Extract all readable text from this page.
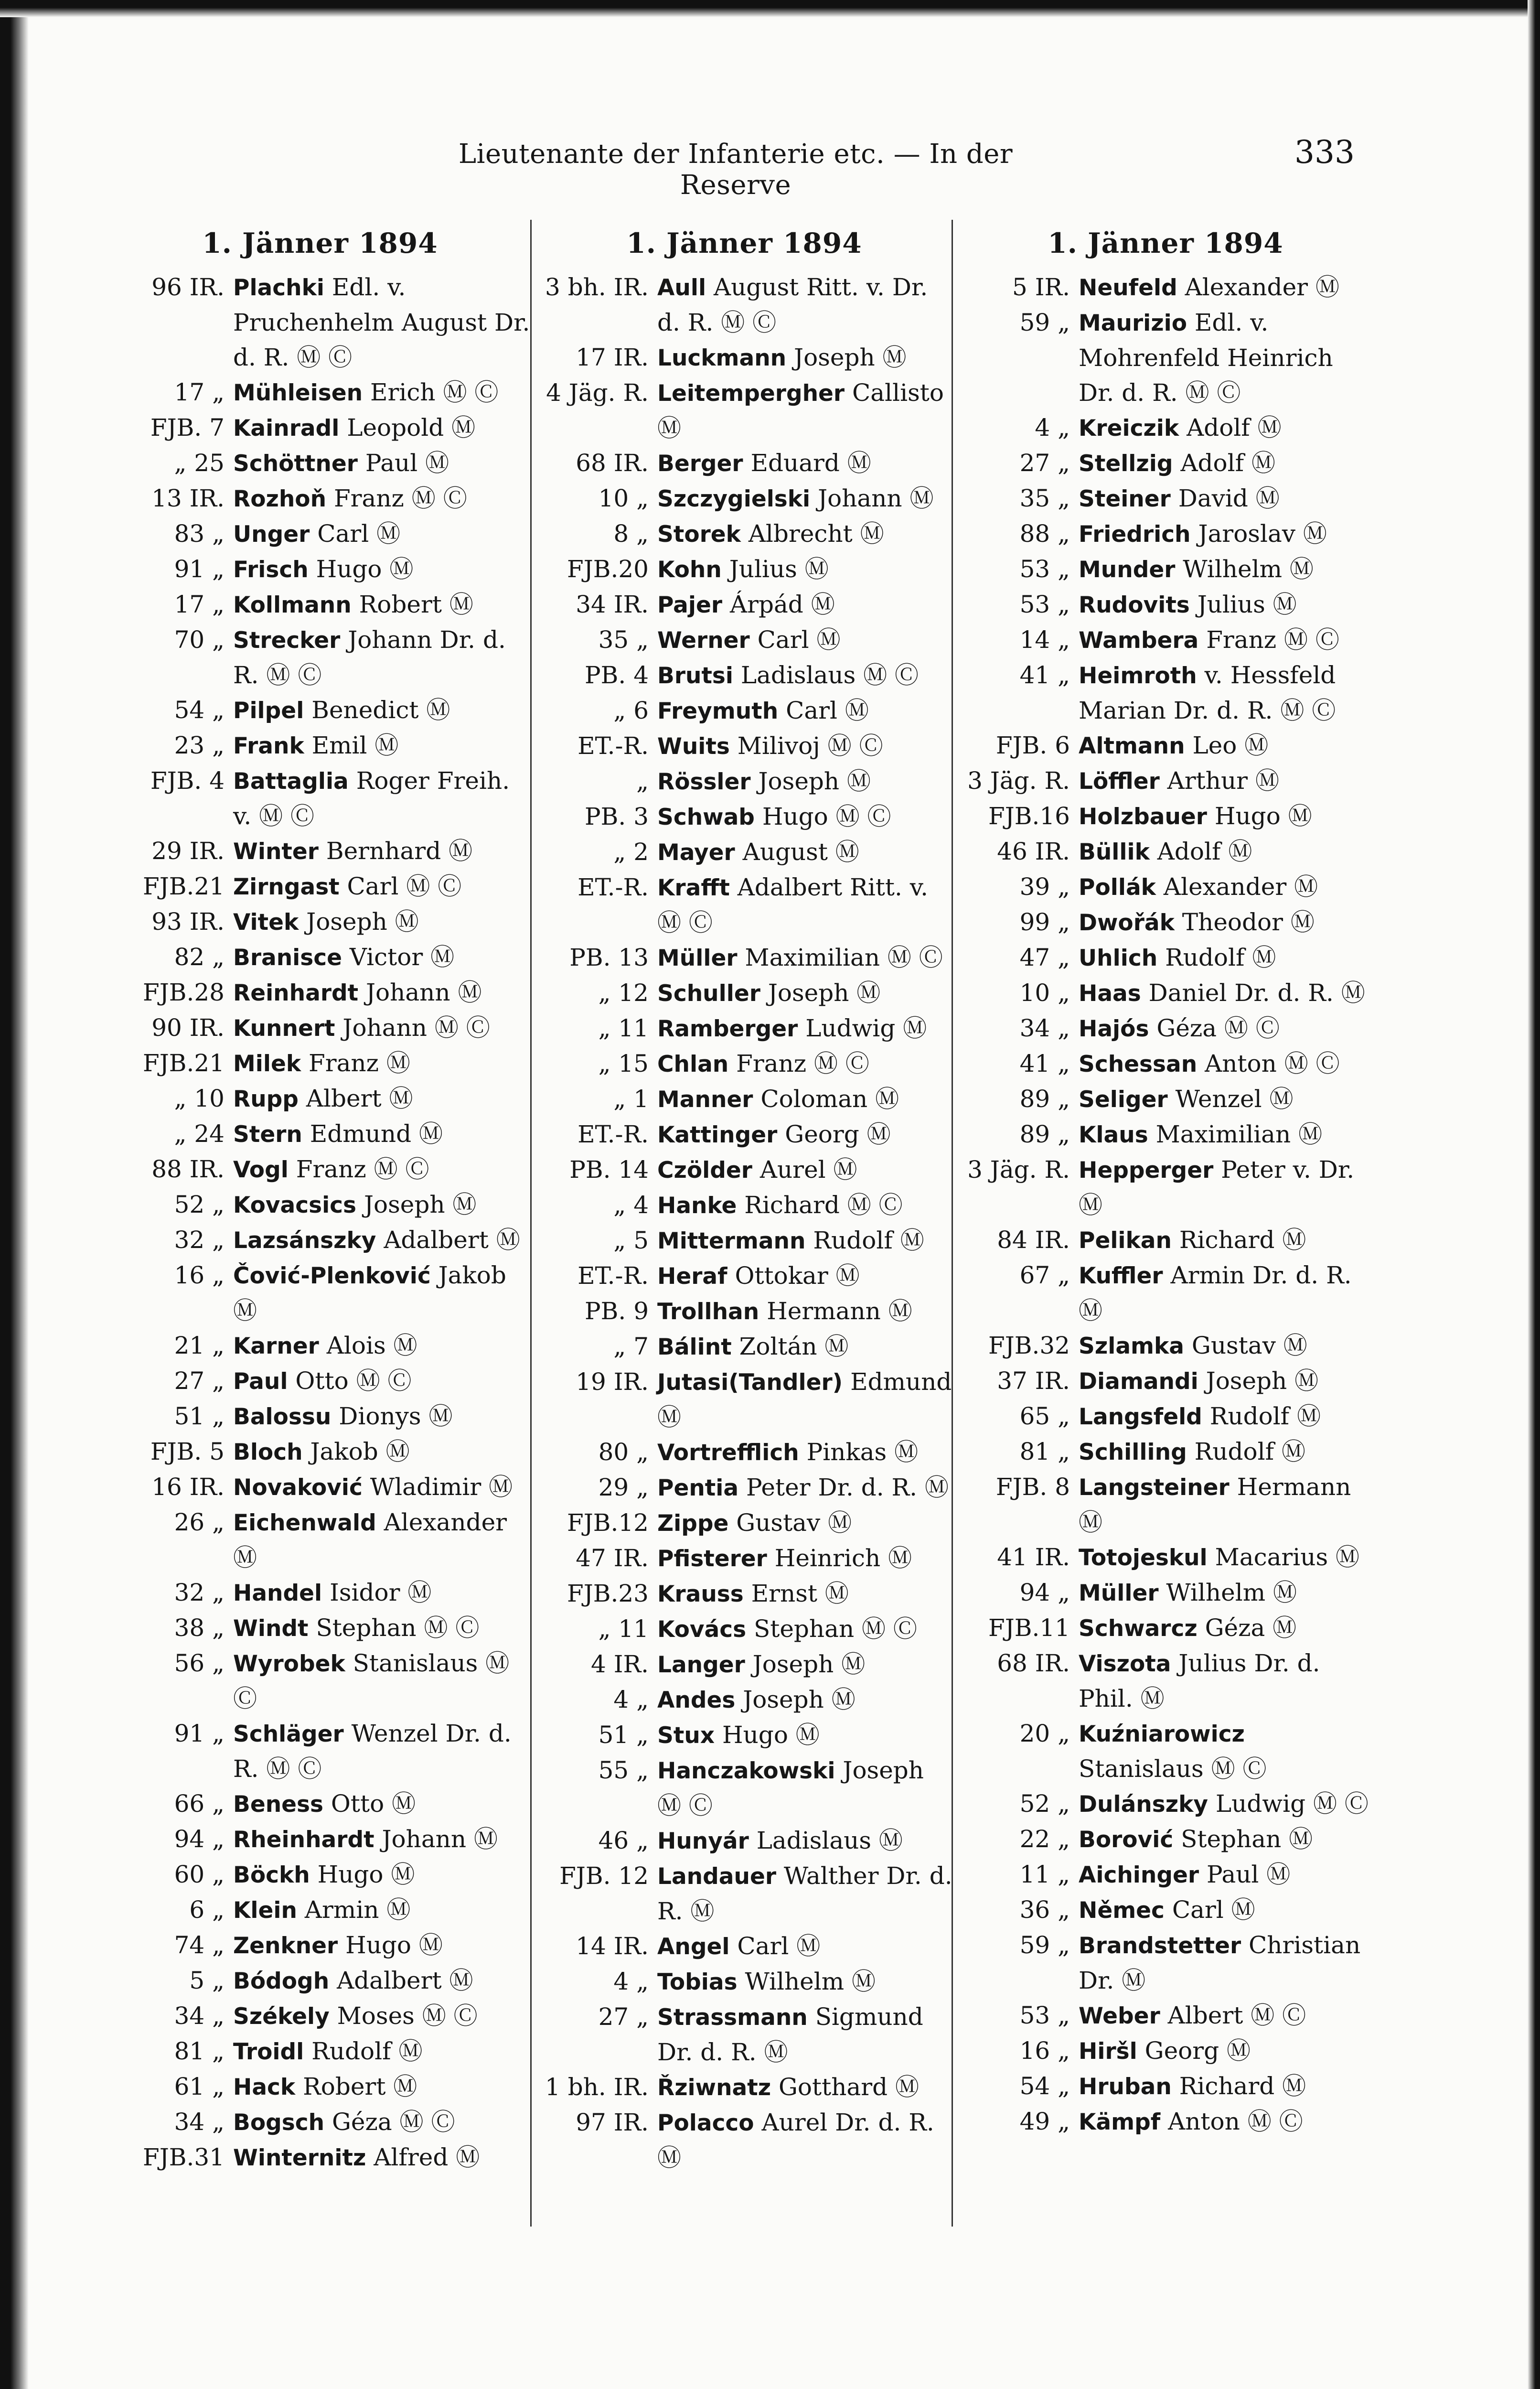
Lieutenante der Infanterie etc. — In der Reserve
333
1. Jänner 1894
96 IR. Plachki Edl. v. Pruchenhelm August Dr. d. R. Ⓜ Ⓒ
17 „ Mühleisen Erich Ⓜ Ⓒ
FJB. 7 Kainradl Leopold Ⓜ
„ 25 Schöttner Paul Ⓜ
13 IR. Rozhoň Franz Ⓜ Ⓒ
83 „ Unger Carl Ⓜ
91 „ Frisch Hugo Ⓜ
17 „ Kollmann Robert Ⓜ
70 „ Strecker Johann Dr. d. R. Ⓜ Ⓒ
54 „ Pilpel Benedict Ⓜ
23 „ Frank Emil Ⓜ
FJB. 4 Battaglia Roger Freih. v. Ⓜ Ⓒ
29 IR. Winter Bernhard Ⓜ
FJB.21 Zirngast Carl Ⓜ Ⓒ
93 IR. Vitek Joseph Ⓜ
82 „ Branisce Victor Ⓜ
FJB.28 Reinhardt Johann Ⓜ
90 IR. Kunnert Johann Ⓜ Ⓒ
FJB.21 Milek Franz Ⓜ
„ 10 Rupp Albert Ⓜ
„ 24 Stern Edmund Ⓜ
88 IR. Vogl Franz Ⓜ Ⓒ
52 „ Kovacsics Joseph Ⓜ
32 „ Lazsánszky Adalbert Ⓜ
16 „ Čović-Plenković Jakob Ⓜ
21 „ Karner Alois Ⓜ
27 „ Paul Otto Ⓜ Ⓒ
51 „ Balossu Dionys Ⓜ
FJB. 5 Bloch Jakob Ⓜ
16 IR. Novaković Wladimir Ⓜ
26 „ Eichenwald Alexander Ⓜ
32 „ Handel Isidor Ⓜ
38 „ Windt Stephan Ⓜ Ⓒ
56 „ Wyrobek Stanislaus Ⓜ Ⓒ
91 „ Schläger Wenzel Dr. d. R. Ⓜ Ⓒ
66 „ Beness Otto Ⓜ
94 „ Rheinhardt Johann Ⓜ
60 „ Böckh Hugo Ⓜ
6 „ Klein Armin Ⓜ
74 „ Zenkner Hugo Ⓜ
5 „ Bódogh Adalbert Ⓜ
34 „ Székely Moses Ⓜ Ⓒ
81 „ Troidl Rudolf Ⓜ
61 „ Hack Robert Ⓜ
34 „ Bogsch Géza Ⓜ Ⓒ
FJB.31 Winternitz Alfred Ⓜ
1. Jänner 1894
3 bh. IR. Aull August Ritt. v. Dr. d. R. Ⓜ Ⓒ
17 IR. Luckmann Joseph Ⓜ
4 Jäg. R. Leitempergher Callisto Ⓜ
68 IR. Berger Eduard Ⓜ
10 „ Szczygielski Johann Ⓜ
8 „ Storek Albrecht Ⓜ
FJB.20 Kohn Julius Ⓜ
34 IR. Pajer Árpád Ⓜ
35 „ Werner Carl Ⓜ
PB. 4 Brutsi Ladislaus Ⓜ Ⓒ
„ 6 Freymuth Carl Ⓜ
ET.-R. Wuits Milivoj Ⓜ Ⓒ
„ Rössler Joseph Ⓜ
PB. 3 Schwab Hugo Ⓜ Ⓒ
„ 2 Mayer August Ⓜ
ET.-R. Krafft Adalbert Ritt. v. Ⓜ Ⓒ
PB. 13 Müller Maximilian Ⓜ Ⓒ
„ 12 Schuller Joseph Ⓜ
„ 11 Ramberger Ludwig Ⓜ
„ 15 Chlan Franz Ⓜ Ⓒ
„ 1 Manner Coloman Ⓜ
ET.-R. Kattinger Georg Ⓜ
PB. 14 Czölder Aurel Ⓜ
„ 4 Hanke Richard Ⓜ Ⓒ
„ 5 Mittermann Rudolf Ⓜ
ET.-R. Heraf Ottokar Ⓜ
PB. 9 Trollhan Hermann Ⓜ
„ 7 Bálint Zoltán Ⓜ
19 IR. Jutasi(Tandler) Edmund Ⓜ
80 „ Vortrefflich Pinkas Ⓜ
29 „ Pentia Peter Dr. d. R. Ⓜ
FJB.12 Zippe Gustav Ⓜ
47 IR. Pfisterer Heinrich Ⓜ
FJB.23 Krauss Ernst Ⓜ
„ 11 Kovács Stephan Ⓜ Ⓒ
4 IR. Langer Joseph Ⓜ
4 „ Andes Joseph Ⓜ
51 „ Stux Hugo Ⓜ
55 „ Hanczakowski Joseph Ⓜ Ⓒ
46 „ Hunyár Ladislaus Ⓜ
FJB. 12 Landauer Walther Dr. d. R. Ⓜ
14 IR. Angel Carl Ⓜ
4 „ Tobias Wilhelm Ⓜ
27 „ Strassmann Sigmund Dr. d. R. Ⓜ
1 bh. IR. Řziwnatz Gotthard Ⓜ
97 IR. Polacco Aurel Dr. d. R. Ⓜ
1. Jänner 1894
5 IR. Neufeld Alexander Ⓜ
59 „ Maurizio Edl. v. Mohrenfeld Heinrich Dr. d. R. Ⓜ Ⓒ
4 „ Kreiczik Adolf Ⓜ
27 „ Stellzig Adolf Ⓜ
35 „ Steiner David Ⓜ
88 „ Friedrich Jaroslav Ⓜ
53 „ Munder Wilhelm Ⓜ
53 „ Rudovits Julius Ⓜ
14 „ Wambera Franz Ⓜ Ⓒ
41 „ Heimroth v. Hessfeld Marian Dr. d. R. Ⓜ Ⓒ
FJB. 6 Altmann Leo Ⓜ
3 Jäg. R. Löffler Arthur Ⓜ
FJB.16 Holzbauer Hugo Ⓜ
46 IR. Büllik Adolf Ⓜ
39 „ Pollák Alexander Ⓜ
99 „ Dwořák Theodor Ⓜ
47 „ Uhlich Rudolf Ⓜ
10 „ Haas Daniel Dr. d. R. Ⓜ
34 „ Hajós Géza Ⓜ Ⓒ
41 „ Schessan Anton Ⓜ Ⓒ
89 „ Seliger Wenzel Ⓜ
89 „ Klaus Maximilian Ⓜ
3 Jäg. R. Hepperger Peter v. Dr. Ⓜ
84 IR. Pelikan Richard Ⓜ
67 „ Kuffler Armin Dr. d. R. Ⓜ
FJB.32 Szlamka Gustav Ⓜ
37 IR. Diamandi Joseph Ⓜ
65 „ Langsfeld Rudolf Ⓜ
81 „ Schilling Rudolf Ⓜ
FJB. 8 Langsteiner Hermann Ⓜ
41 IR. Totojeskul Macarius Ⓜ
94 „ Müller Wilhelm Ⓜ
FJB.11 Schwarcz Géza Ⓜ
68 IR. Viszota Julius Dr. d. Phil. Ⓜ
20 „ Kuźniarowicz Stanislaus Ⓜ Ⓒ
52 „ Dulánszky Ludwig Ⓜ Ⓒ
22 „ Borović Stephan Ⓜ
11 „ Aichinger Paul Ⓜ
36 „ Němec Carl Ⓜ
59 „ Brandstetter Christian Dr. Ⓜ
53 „ Weber Albert Ⓜ Ⓒ
16 „ Hiršl Georg Ⓜ
54 „ Hruban Richard Ⓜ
49 „ Kämpf Anton Ⓜ Ⓒ
